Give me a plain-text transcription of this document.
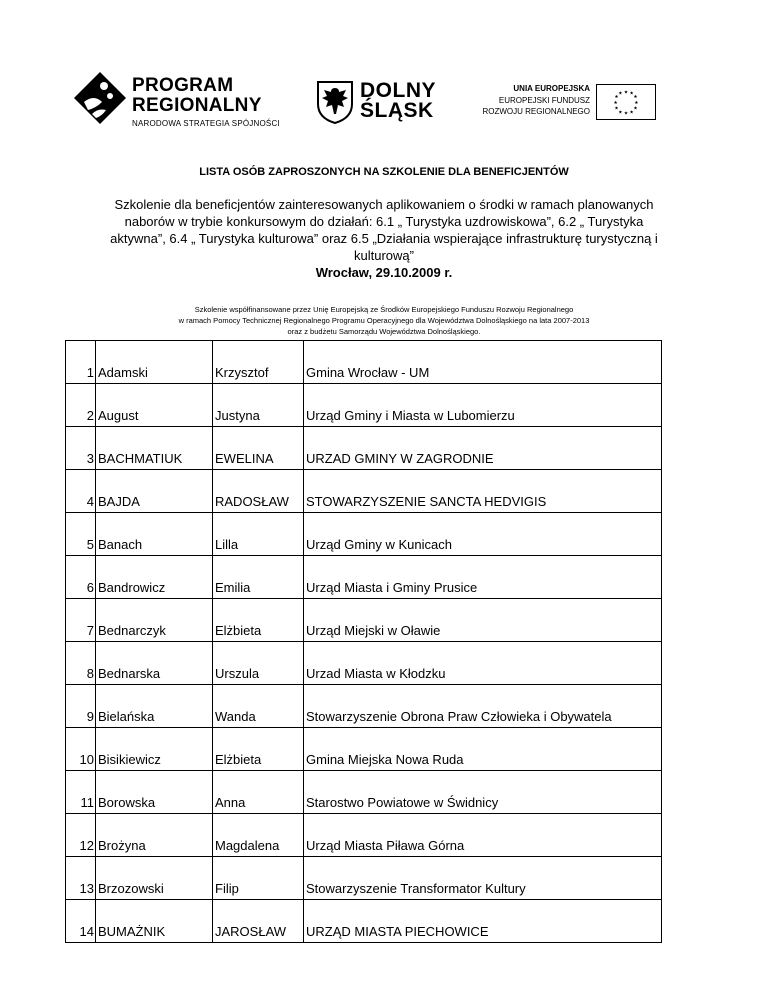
PROGRAM
REGIONALNY
NARODOWA STRATEGIA SPÓJNOŚCI
DOLNY
ŚLĄSK
UNIA EUROPEJSKA
EUROPEJSKI FUNDUSZ
ROZWOJU REGIONALNEGO
★ ★
★
★
★
★
★
★
★
★
★
★
LISTA OSÓB ZAPROSZONYCH NA SZKOLENIE DLA BENEFICJENTÓW
Szkolenie dla beneficjentów zainteresowanych aplikowaniem o środki w ramach planowanych
naborów w trybie konkursowym do działań: 6.1 „ Turystyka uzdrowiskowa”, 6.2 „ Turystyka
aktywna”, 6.4 „ Turystyka kulturowa” oraz 6.5 „Działania wspierające infrastrukturę turystyczną i
kulturową”
Wrocław, 29.10.2009 r.
Szkolenie współfinansowane przez Unię Europejską ze Środków Europejskiego Funduszu Rozwoju Regionalnego
w ramach Pomocy Technicznej Regionalnego Programu Operacyjnego dla Województwa Dolnośląskiego na lata 2007-2013
oraz z budżetu Samorządu Województwa Dolnośląskiego.
1	Adamski	Krzysztof	Gmina Wrocław - UM
2	August	Justyna	Urząd Gminy i Miasta w Lubomierzu
3	BACHMATIUK	EWELINA	URZAD GMINY W ZAGRODNIE
4	BAJDA	RADOSŁAW	STOWARZYSZENIE SANCTA HEDVIGIS
5	Banach	Lilla	Urząd Gminy w Kunicach
6	Bandrowicz	Emilia	Urząd Miasta i Gminy Prusice
7	Bednarczyk	Elżbieta	Urząd Miejski w Oławie
8	Bednarska	Urszula	Urzad Miasta w Kłodzku
9	Bielańska	Wanda	Stowarzyszenie Obrona Praw Człowieka i Obywatela
10	Bisikiewicz	Elżbieta	Gmina Miejska Nowa Ruda
11	Borowska	Anna	Starostwo Powiatowe w Świdnicy
12	Brożyna	Magdalena	Urząd Miasta Piława Górna
13	Brzozowski	Filip	Stowarzyszenie Transformator Kultury
14	BUMAŻNIK	JAROSŁAW	URZĄD MIASTA PIECHOWICE
